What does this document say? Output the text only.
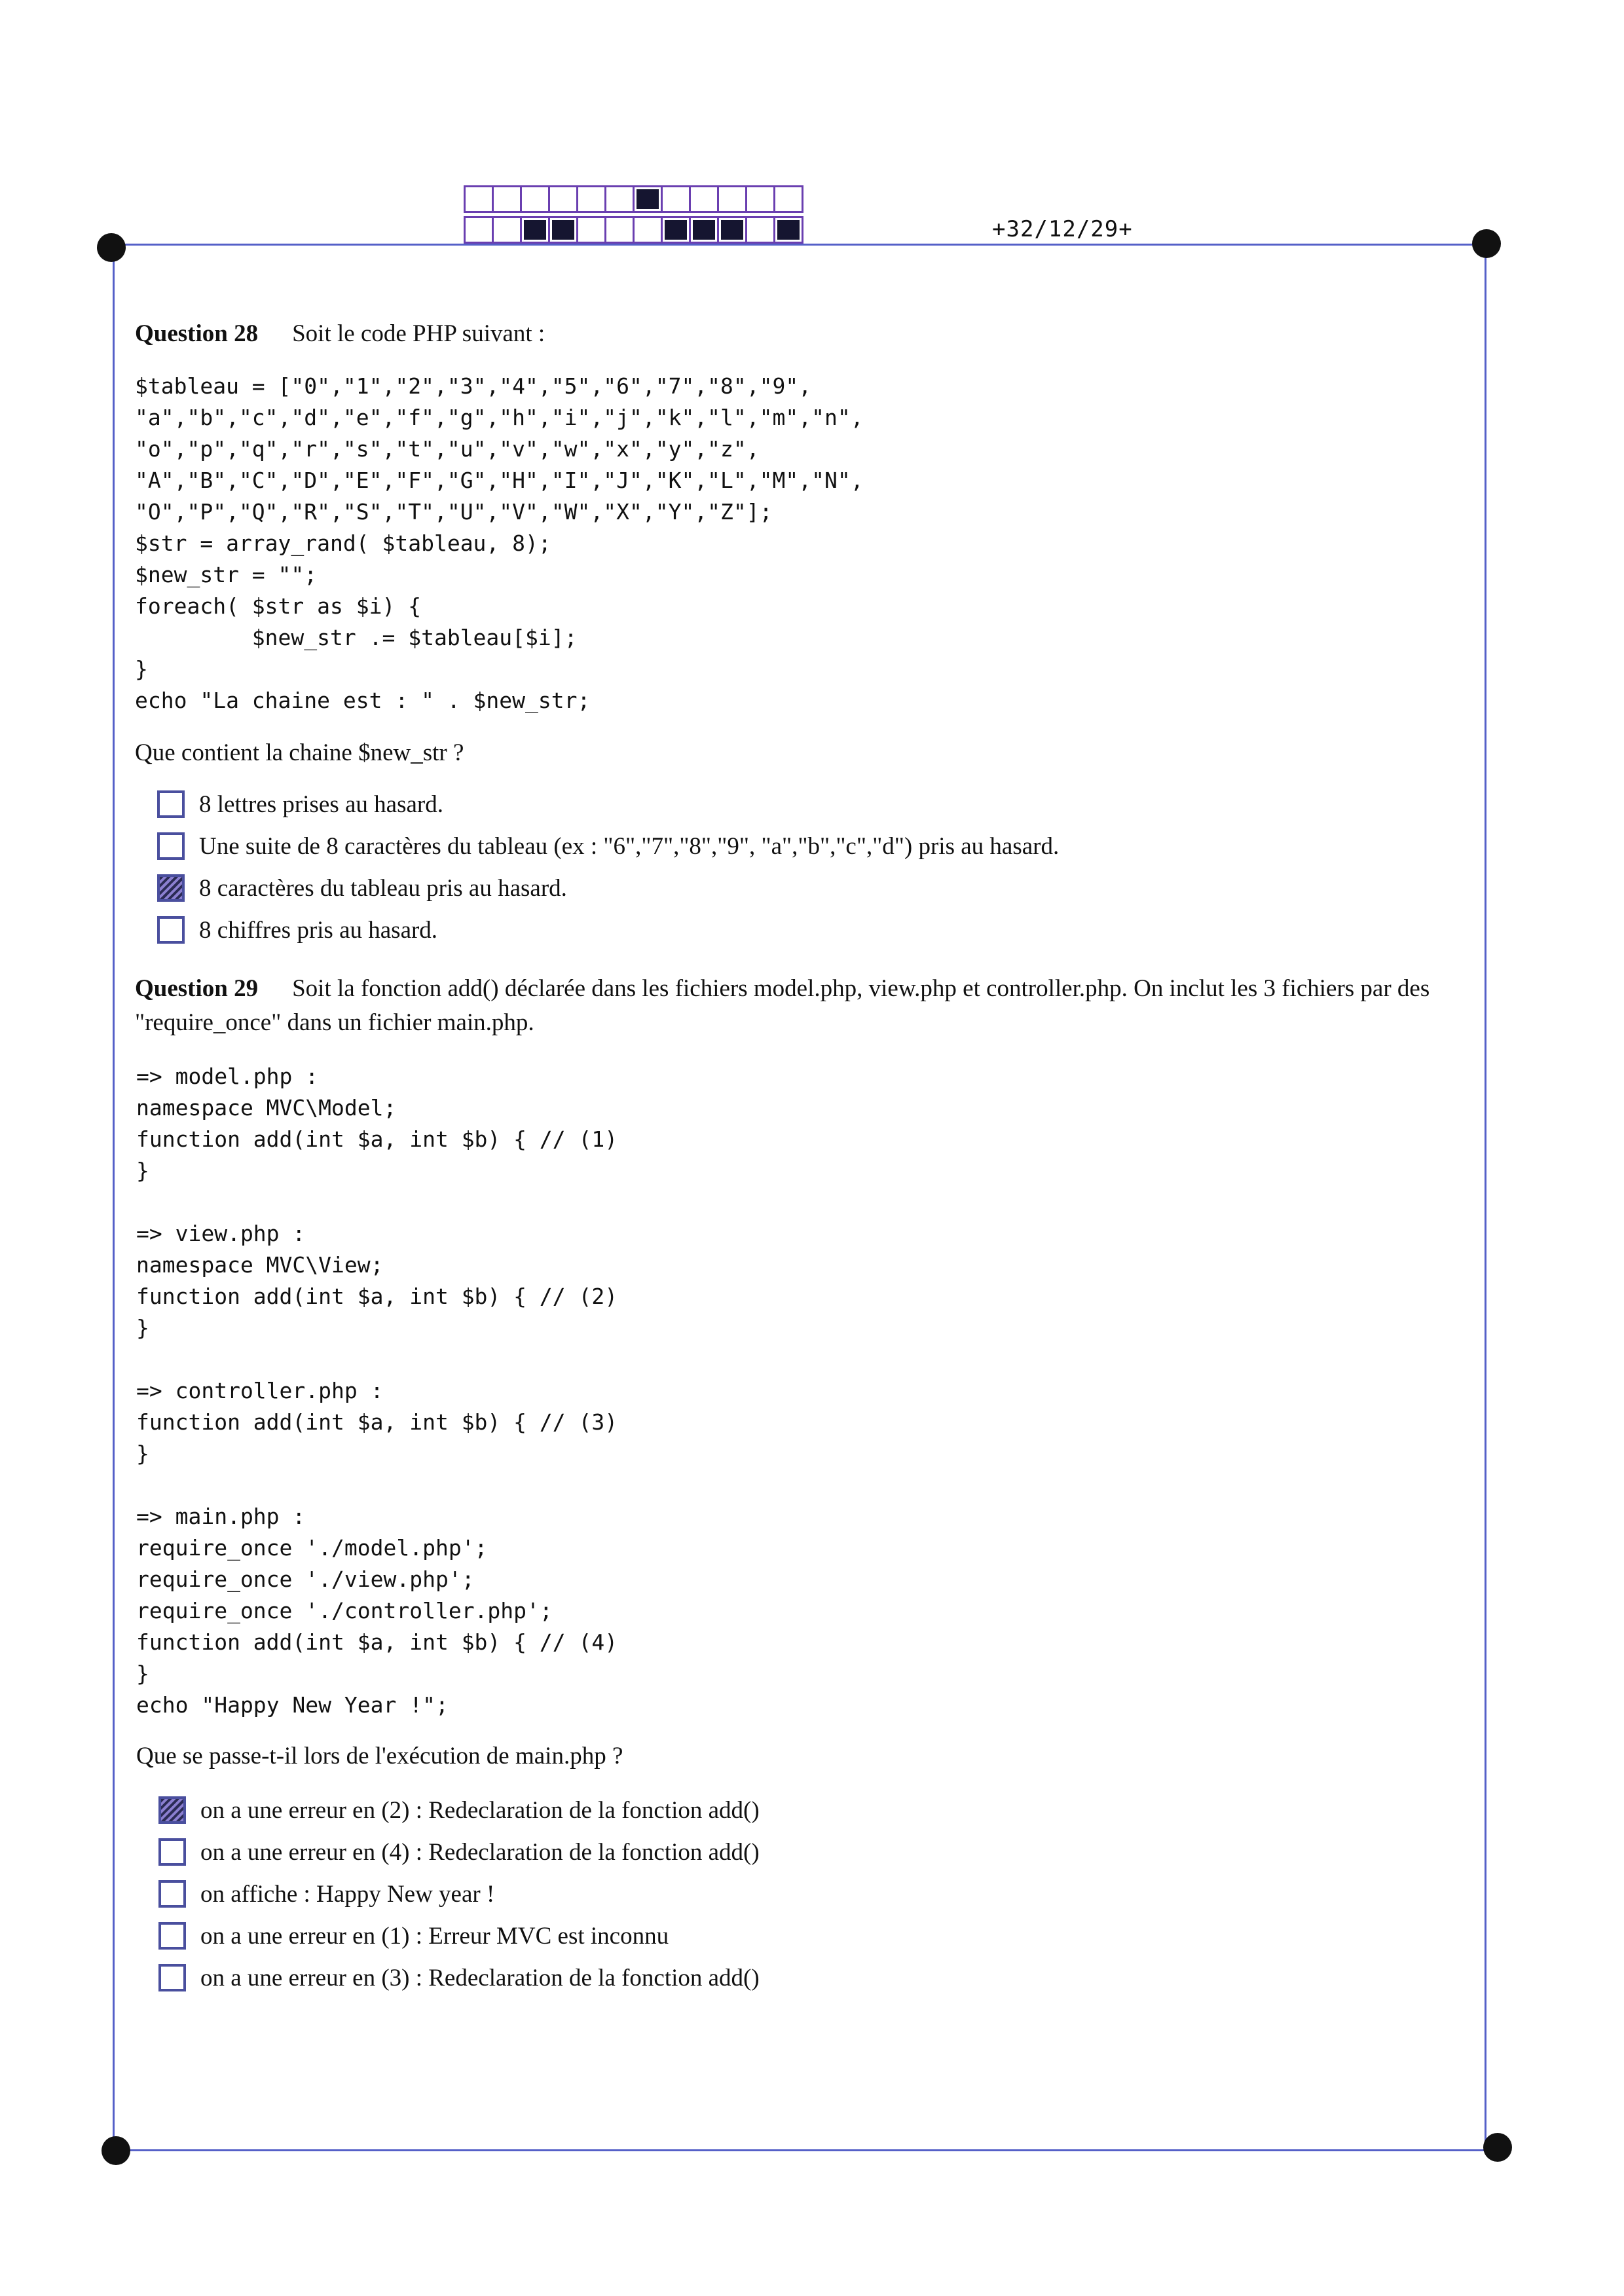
+32/12/29+
Question 28 Soit le code PHP suivant :
$tableau = ["0","1","2","3","4","5","6","7","8","9",
"a","b","c","d","e","f","g","h","i","j","k","l","m","n",
"o","p","q","r","s","t","u","v","w","x","y","z",
"A","B","C","D","E","F","G","H","I","J","K","L","M","N",
"O","P","Q","R","S","T","U","V","W","X","Y","Z"];
$str = array_rand( $tableau, 8);
$new_str = "";
foreach( $str as $i) {
$new_str .= $tableau[$i];
}
echo "La chaine est : " . $new_str;
Que contient la chaine $new_str ?
8 lettres prises au hasard.
Une suite de 8 caractères du tableau (ex : "6","7","8","9", "a","b","c","d") pris au hasard.
8 caractères du tableau pris au hasard.
8 chiffres pris au hasard.
Question 29 Soit la fonction add() déclarée dans les fichiers model.php, view.php et controller.php. On inclut les 3 fichiers par des "require_once" dans un fichier main.php.
=> model.php :
namespace MVC\Model;
function add(int $a, int $b) { // (1)
}

=> view.php :
namespace MVC\View;
function add(int $a, int $b) { // (2)
}

=> controller.php :
function add(int $a, int $b) { // (3)
}

=> main.php :
require_once './model.php';
require_once './view.php';
require_once './controller.php';
function add(int $a, int $b) { // (4)
}
echo "Happy New Year !";
Que se passe-t-il lors de l'exécution de main.php ?
on a une erreur en (2) : Redeclaration de la fonction add()
on a une erreur en (4) : Redeclaration de la fonction add()
on affiche : Happy New year !
on a une erreur en (1) : Erreur MVC est inconnu
on a une erreur en (3) : Redeclaration de la fonction add()
